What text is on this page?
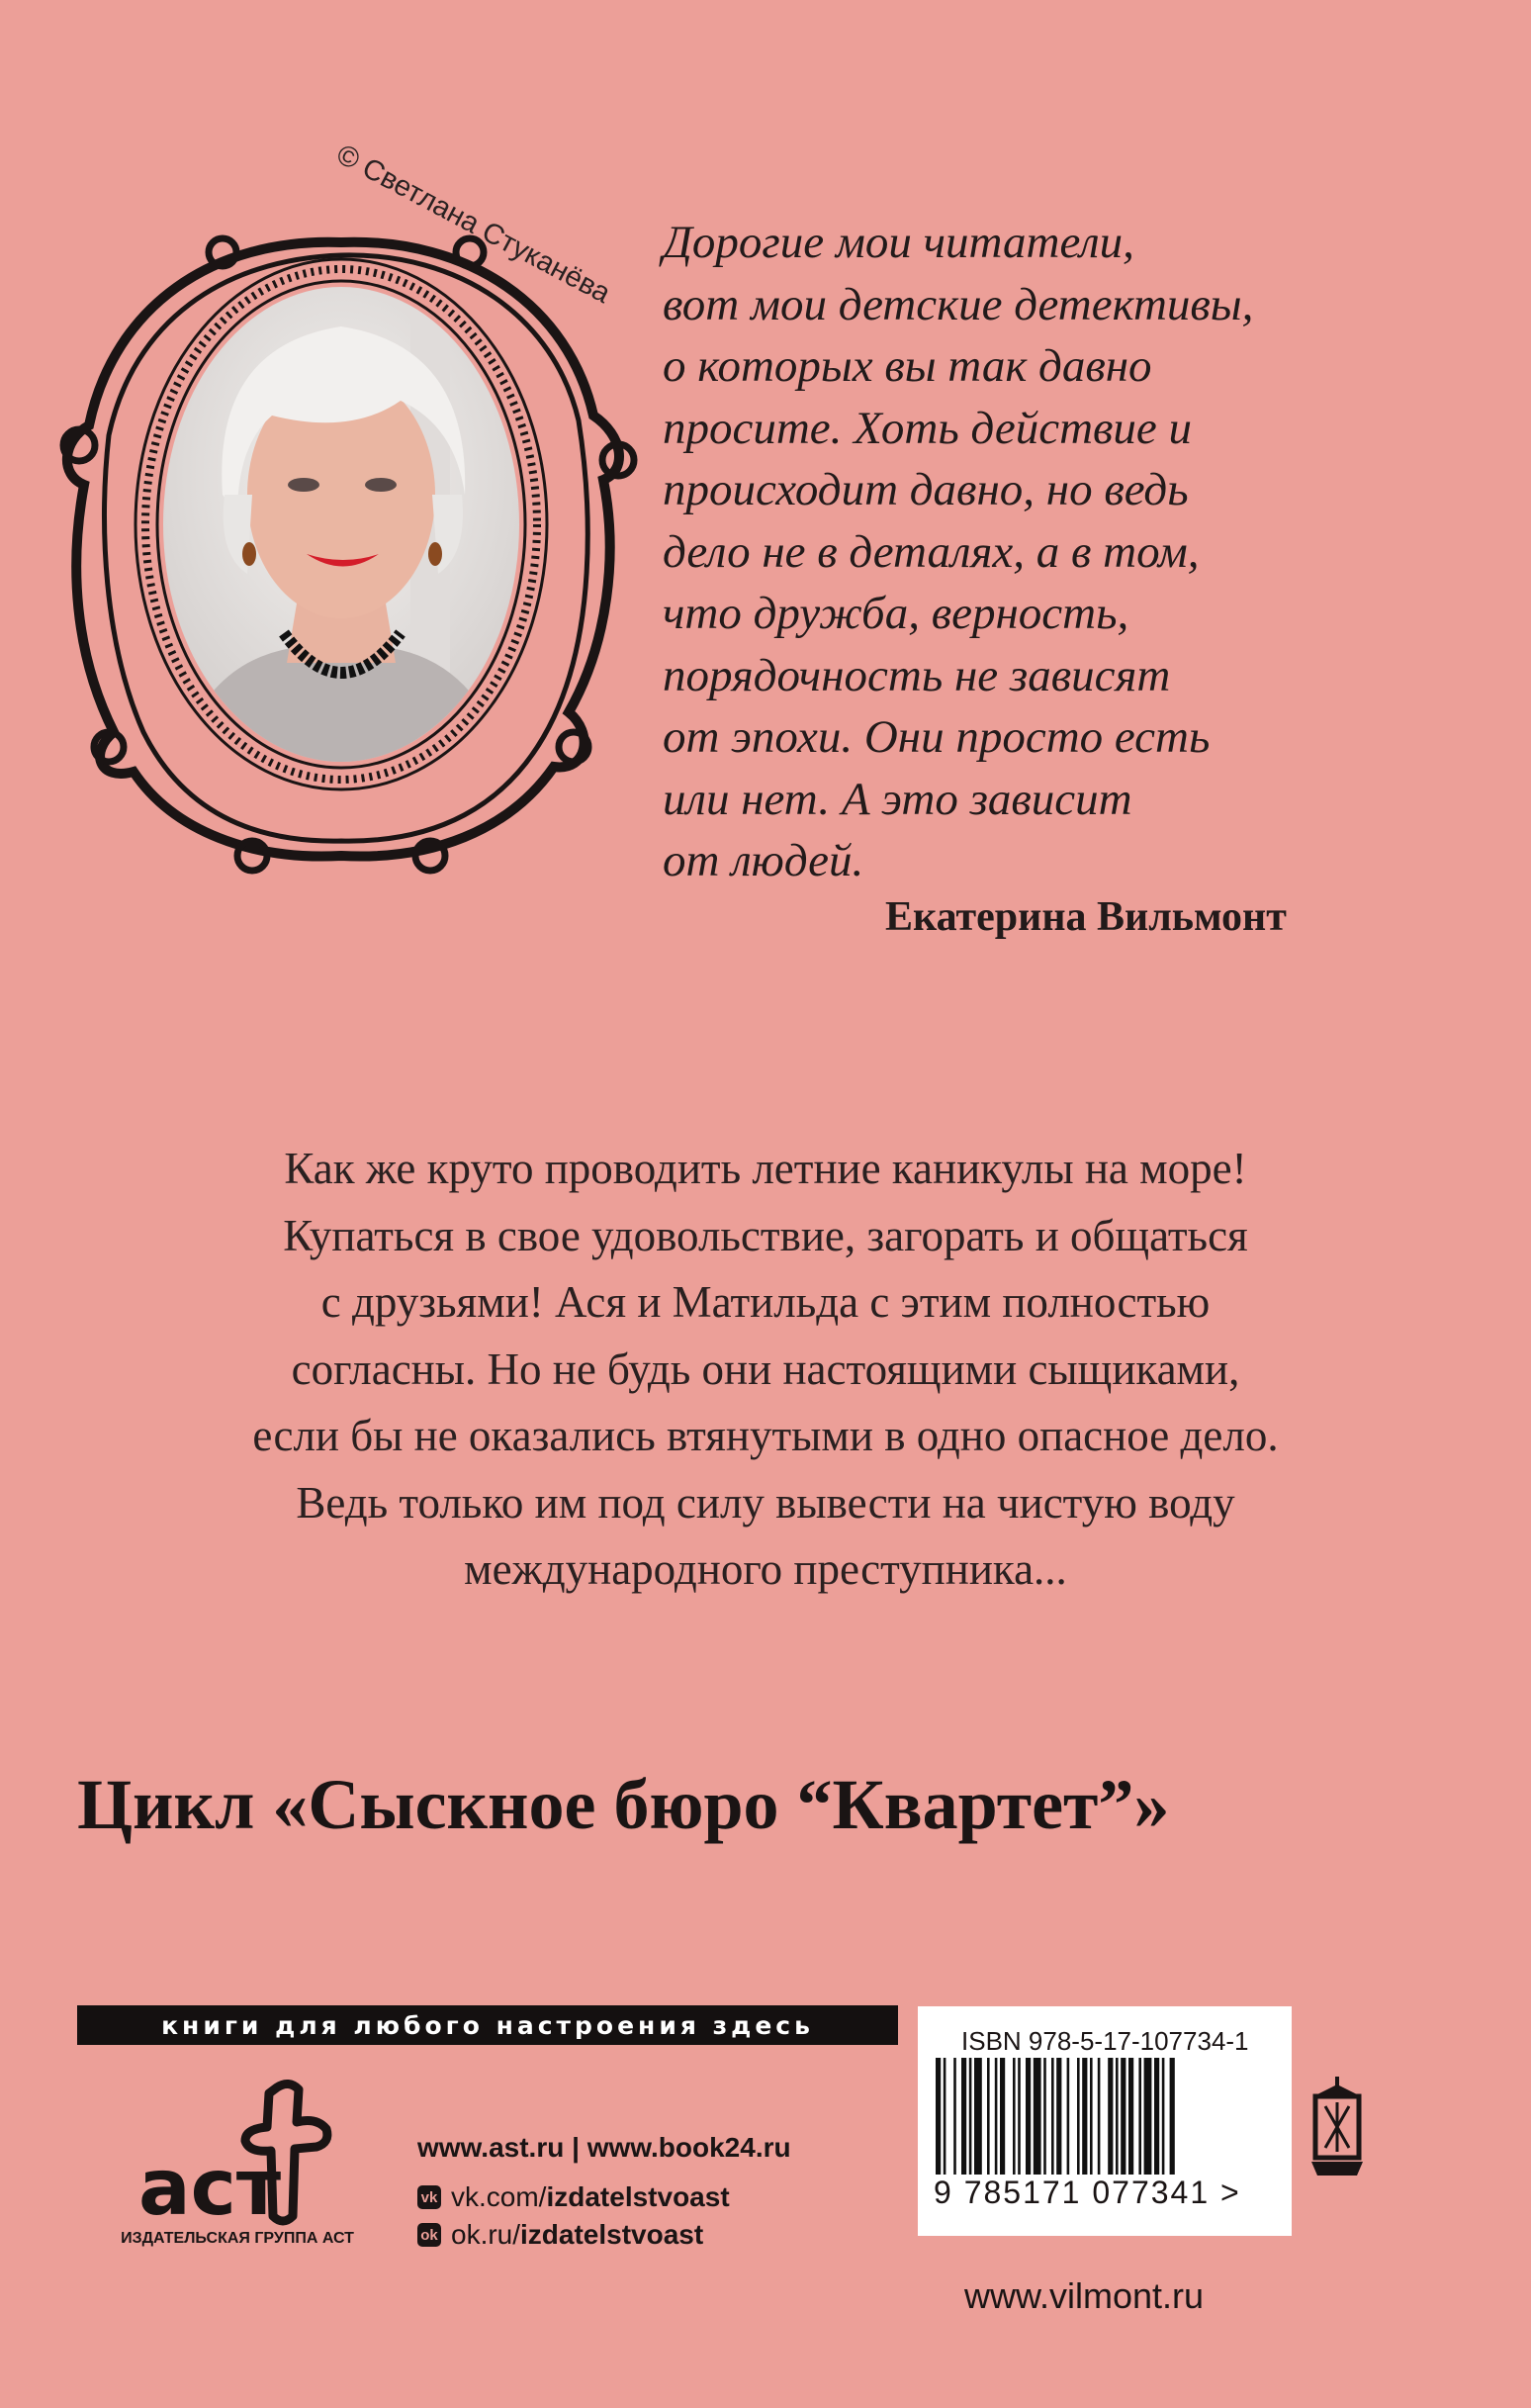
© Светлана Стуканёва Дорогие мои читатели,
вот мои детские детективы,
о которых вы так давно
просите. Хоть действие и
происходит давно, но ведь
дело не в деталях, а в том,
что дружба, верность,
порядочность не зависят
от эпохи. Они просто есть
или нет. А это зависит
от людей.
Екатерина Вильмонт
Как же круто проводить летние каникулы на море!
Купаться в свое удовольствие, загорать и общаться
с друзьями! Ася и Матильда с этим полностью
согласны. Но не будь они настоящими сыщиками,
если бы не оказались втянутыми в одно опасное дело.
Ведь только им под силу вывести на чистую воду
международного преступника...
Цикл «Сыскное бюро “Квартет”»
книги для любого настроения здесь
аст
ИЗДАТЕЛЬСКАЯ ГРУППА АСТ
www.ast.ru | www.book24.ru
vk vk.com/izdatelstvoast
ok ok.ru/izdatelstvoast
ISBN 978-5-17-107734-1
9 785171 077341 >
www.vilmont.ru
